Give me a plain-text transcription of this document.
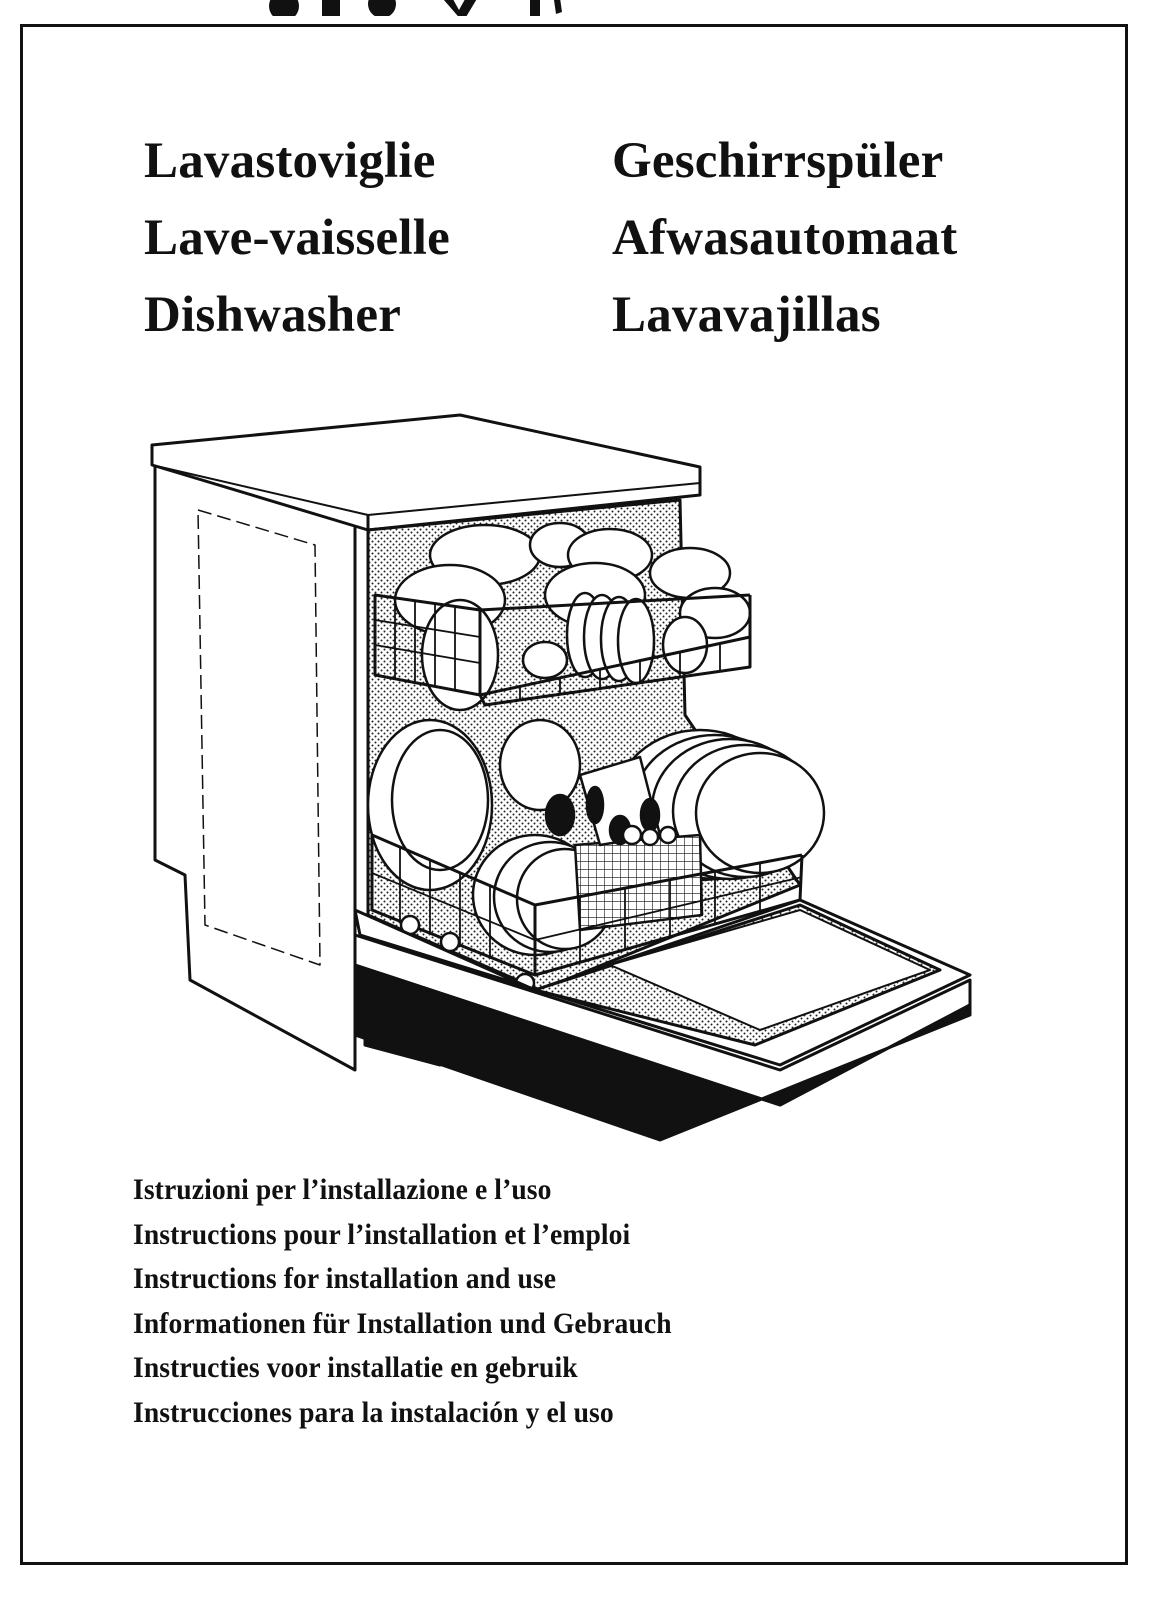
Lavastoviglie
Lave-vaisselle
Dishwasher
Geschirrspüler
Afwasautomaat
Lavavajillas
Istruzioni per l’installazione e l’uso
Instructions pour l’installation et l’emploi
Instructions for installation and use
Informationen für Installation und Gebrauch
Instructies voor installatie en gebruik
Instrucciones para la instalación y el uso
